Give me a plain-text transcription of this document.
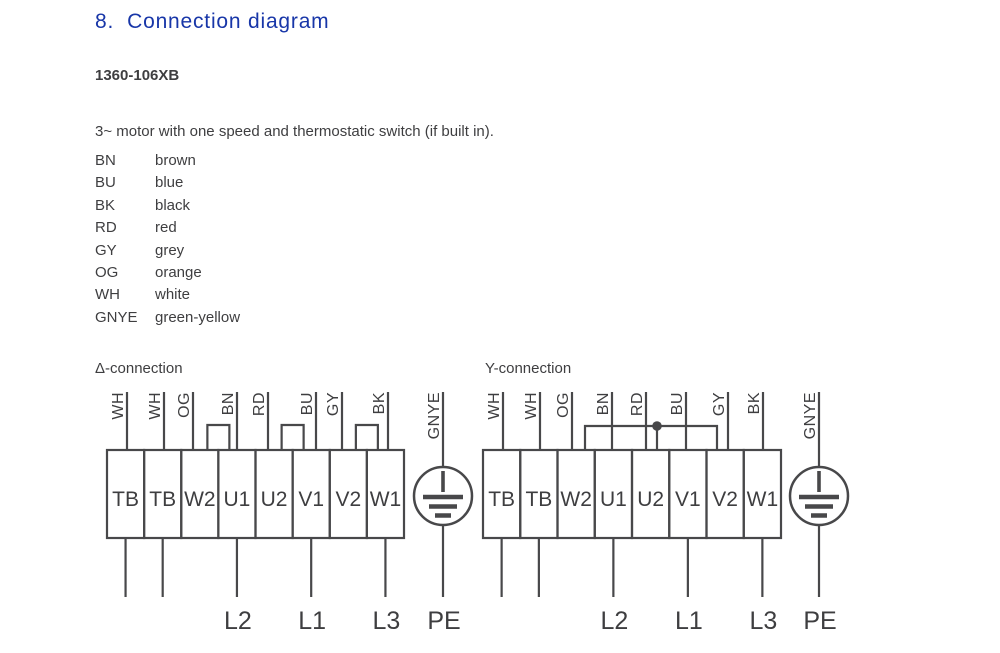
8. Connection diagram
1360-106XB
3~ motor with one speed and thermostatic switch (if built in).
BN	brown
BU	blue
BK	black
RD	red
GY	grey
OG orange
WH white
GNYE green-yellow
Δ-connection	Y-connection
TB TB W2 U1 U2 V1 V2 W1
WH WH OG BN RD BU GY BK
L2 L1 L3
GNYE
PE
TB TB W2 U1 U2 V1 V2 W1
WH WH OG BN RD BU GY BK
L2 L1 L3
GNYE
PE
